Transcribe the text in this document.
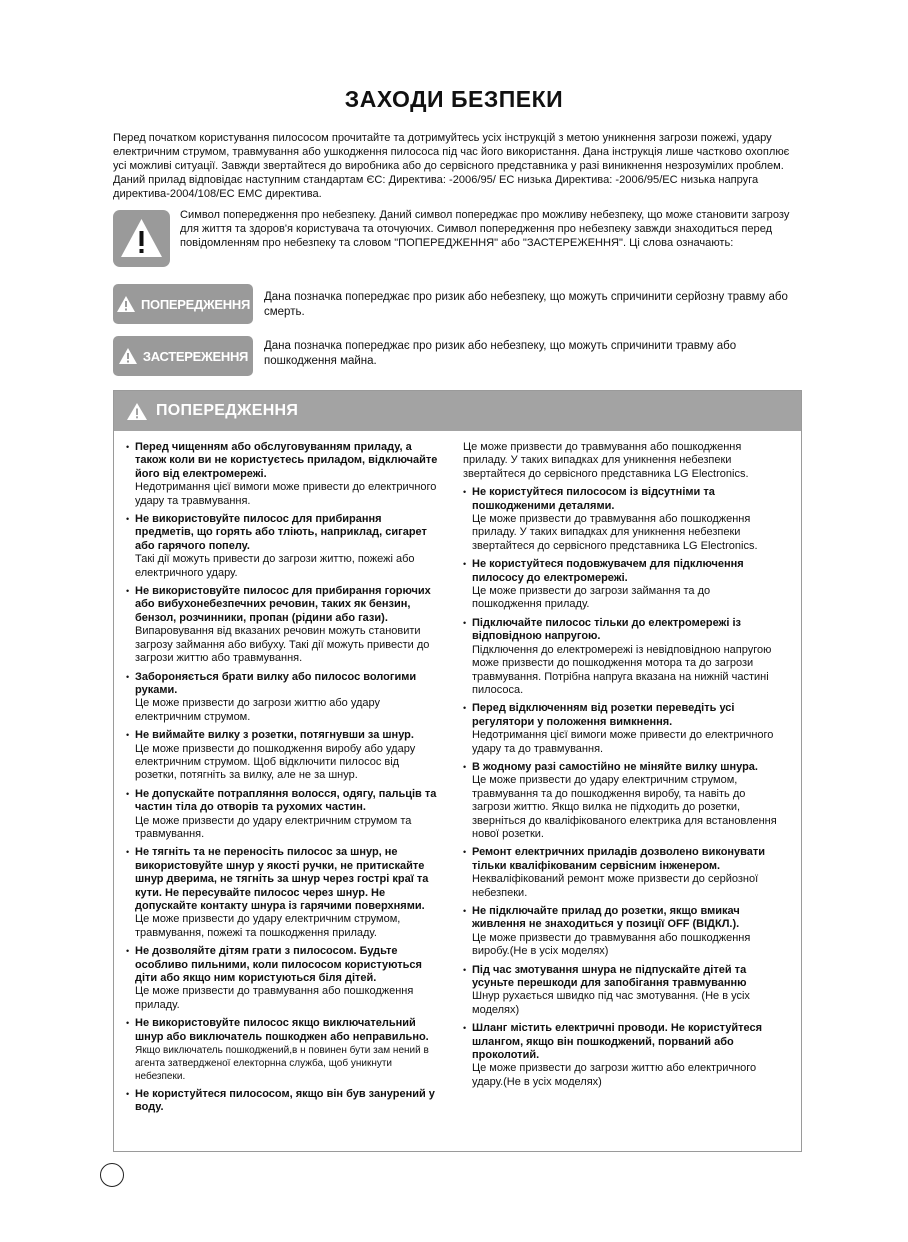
ЗАХОДИ БЕЗПЕКИ
Перед початком користування пилососом прочитайте та дотримуйтесь усіх інструкцій з метою уникнення загрози пожежі, удару електричним струмом, травмування або ушкодження пилососа під час його використання. Дана інструкція лише частково охоплює усі можливі ситуації. Завжди звертайтеся до виробника або до сервісного представника у разі виникнення незрозумілих проблем. Даний прилад відповідає наступним стандартам ЄС: Директива: -2006/95/ ЕС низька Директива: -2006/95/ЕС низька напруга директива-2004/108/ЕС ЕМС директива.
Символ попередження про небезпеку. Даний символ попереджає про можливу небезпеку, що може становити загрозу для життя та здоров'я користувача та оточуючих. Символ попередження про небезпеку завжди знаходиться перед повідомленням про небезпеку та словом "ПОПЕРЕДЖЕННЯ" або "ЗАСТЕРЕЖЕННЯ". Ці слова означають:
ПОПЕРЕДЖЕННЯ Дана позначка попереджає про ризик або небезпеку, що можуть спричинити серйозну травму або смерть.
ЗАСТЕРЕЖЕННЯ
Дана позначка попереджає про ризик або небезпеку, що можуть спричинити травму або пошкодження майна.
ПОПЕРЕДЖЕННЯ
• Перед чищенням або обслуговуванням приладу, а також коли ви не користуєтесь приладом, відключайте його від електромережі.
Недотримання цієї вимоги може привести до електричного удару та травмування.
• Не використовуйте пилосос для прибирання предметів, що горять або тліють, наприклад, сигарет або гарячого попелу.
Такі дії можуть привести до загрози життю, пожежі або електричного удару.
• Не використовуйте пилосос для прибирання горючих або вибухонебезпечних речовин, таких як бензин, бензол, розчинники, пропан (рідини або гази).
Випаровування від вказаних речовин можуть становити загрозу займання або вибуху. Такі дії можуть привести до загрози життю або травмування.
• Забороняється брати вилку або пилосос вологими руками.
Це може призвести до загрози життю або удару електричним струмом.
• Не виймайте вилку з розетки, потягнувши за шнур.
Це може призвести до пошкодження виробу або удару електричним струмом. Щоб відключити пилосос від розетки, потягніть за вилку, але не за шнур.
• Не допускайте потрапляння волосся, одягу, пальців та частин тіла до отворів та рухомих частин.
Це може призвести до удару електричним струмом та травмування.
• Не тягніть та не переносіть пилосос за шнур, не використовуйте шнур у якості ручки, не притискайте шнур дверима, не тягніть за шнур через гострі краї та кути. Не пересувайте пилосос через шнур. Не допускайте контакту шнура із гарячими поверхнями.
Це може призвести до удару електричним струмом, травмування, пожежі та пошкодження приладу.
• Не дозволяйте дітям грати з пилососом. Будьте особливо пильними, коли пилососом користуються діти або якщо ним користуються біля дітей.
Це може призвести до травмування або пошкодження приладу.
• Не використовуйте пилосос якщо виключательний шнур або виключатель пошкоджен або неправильно.
Якщо виключатель пошкоджений,в н повинен бути зам нений в агента затвердженої електорнна служба, щоб уникнути небезпеки.
• Не користуйтеся пилососом, якщо він був занурений у воду.
Це може призвести до травмування або пошкодження приладу. У таких випадках для уникнення небезпеки звертайтеся до сервісного представника LG Electronics.
• Не користуйтеся пилососом із відсутніми та пошкодженими деталями.
Це може призвести до травмування або пошкодження приладу. У таких випадках для уникнення небезпеки звертайтеся до сервісного представника LG Electronics.
• Не користуйтеся подовжувачем для підключення пилососу до електромережі.
Це може призвести до загрози займання та до пошкодження приладу.
• Підключайте пилосос тільки до електромережі із відповідною напругою.
Підключення до електромережі із невідповідною напругою може призвести до пошкодження мотора та до загрози травмування. Потрібна напруга вказана на нижній частині пилососа.
• Перед відключенням від розетки переведіть усі регулятори у положення вимкнення.
Недотримання цієї вимоги може привести до електричного удару та до травмування.
• В жодному разі самостійно не міняйте вилку шнура.
Це може призвести до удару електричним струмом, травмування та до пошкодження виробу, та навіть до загрози життю. Якщо вилка не підходить до розетки, зверніться до кваліфікованого електрика для встановлення нової розетки.
• Ремонт електричних приладів дозволено виконувати тільки кваліфікованим сервісним інженером.
Некваліфікований ремонт може призвести до серйозної небезпеки.
• Не підключайте прилад до розетки, якщо вмикач живлення не знаходиться у позиції OFF (ВІДКЛ.).
Це може призвести до травмування або пошкодження виробу.(Не в усіх моделях)
• Під час змотування шнура не підпускайте дітей та усуньте перешкоди для запобігання травмуванню
Шнур рухається швидко під час змотування. (Не в усіх моделях)
• Шланг містить електричні проводи. Не користуйтеся шлангом, якщо він пошкоджений, порваний або проколотий.
Це може призвести до загрози життю або електричного удару.(Не в усіх моделях)
